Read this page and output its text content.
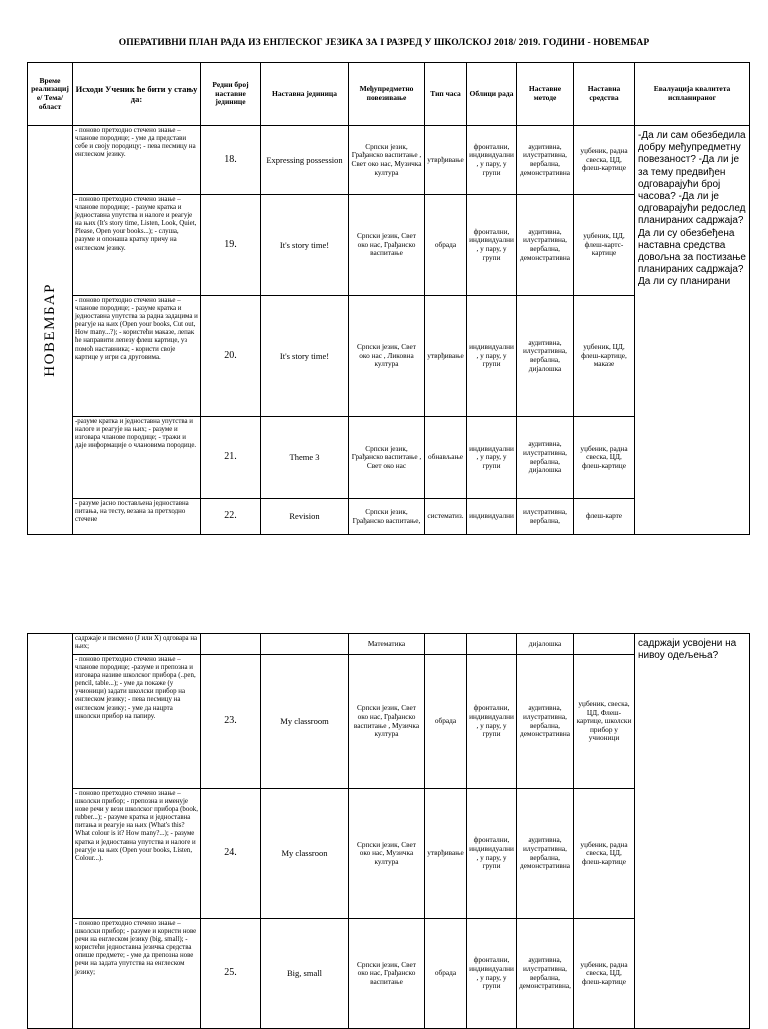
ОПЕРАТИВНИ ПЛАН РАДА ИЗ ЕНГЛЕСКОГ ЈЕЗИКА ЗА I РАЗРЕД У ШКОЛСКОЈ 2018/ 2019. ГОДИНИ - НОВЕМБАР
Време реализације/ Тема/ област	Исходи Ученик ће бити у стању да:	Редни број наставне јединице	Наставна јединица	Међупредметно повезивање	Тип часа	Облици рада	Наставне методе	Наставна средства	Евалуација квалитета испланираног

НОВЕМБАР	- поново претходно стечено знање – чланове породице; - уме да представи себе и своју породицу; - пева песмицу на енглеском језику.	18.	Expressing possession	Српски језик, Грађанско васпитање , Свет око нас, Музичка култура	утврђивање	фронтални, индивидуални, у пару, у групи	аудитивна, илустративна, вербална, демонстративна	уџбеник, радна свеска, ЦД, флеш-картице	-Да ли сам обезбедила добру међупредметну повезаност? -Да ли је за тему предвиђен одговарајући број часова? -Да ли је одговарајући редослед планираних садржаја? Да ли су обезбеђена наставна средства довољна за постизање планираних садржаја? Да ли су планирани

	- поново претходно стечено знање – чланове породице; - разуме кратка и једноставна упутства и налоге и реагује на њих (It's story time, Listen, Look, Quiet, Please, Open your books...); - слуша, разуме и опонаша кратку причу на енглеском језику.	19.	It's story time!	Српски језик, Свет око нас, Грађанско васпитање	обрада	фронтални, индивидуални, у пару, у групи	аудитивна, илустративна, вербална, демонстративна	уџбеник, ЦД, флеш-картс-картице	
	- поново претходно стечено знање – чланове породице; - разуме кратка и једноставна упутства за радна задацима и реагује на њих (Open your books, Cut out, How many...?); - користећи маказе, лепак ће направити лепезу флеш картице, уз помоћ наставника; - користи своје картице у игри са друговима.	20.	It's story time!	Српски језик, Свет око нас , Ликовна култура	утврђивање	индивидуални, у пару, у групи	аудитивна, илустративна, вербална, дијалошка	уџбеник, ЦД, флеш-картице, маказе	
	-разуме кратка и једноставна упутства и налоге и реагује на њих; - разуме и изговара чланове породице; - тражи и даје информације о члановима породице.	21.	Theme 3	Српски језик, Грађанско васпитање , Свет око нас	обнављање	индивидуални, у пару, у групи	аудитивна, илустративна, вербална, дијалошка	уџбеник, радна свеска, ЦД, флеш-картице	
	- разуме јасно постављена једноставна питања, на тесту, везана за претходно стечене	22.	Revision	Српски језик, Грађанско васпитање,	систематиз.	индивидуални	илустративна, вербална,	флеш-карте	
	садржаје и писмено (Ј или Х) одговара на њих;			Математика			дијалошка		садржаји усвојени на нивоу одељења?

	- поново претходно стечено знање – чланове породице; -разуме и препозна и изговара називе школског прибора (..pen, pencil, table...); - уме да покаже (у учионици) задати школски прибор на енглеском језику; - пева песмицу на енглеском језику; - уме да нацрта школски прибор на папиру.	23.	My classroom	Српски језик, Свет око нас, Грађанско васпитање , Музичка култура	обрада	фронтални, индивидуални, у пару, у групи	аудитивна, илустративна, вербална, демонстративна	уџбеник, свеска, ЦД, Флеш-картице, школски прибор у учионици	
	- поново претходно стечено знање – школски прибор; - препозна и именује нове речи у вези школског прибора (book, rubber...); - разуме кратка и једноставна питања и реагује на њих (What's this? What colour is it? How many?...); - разуме кратка и једноставна упутства и налоге и реагује на њих (Open your books, Listen, Colour...).	24.	My classroon	Српски језик, Свет око нас, Музичка култура	утврђивање	фронтални, индивидуални, у пару, у групи	аудитивна, илустративна, вербална, демонстративна	уџбеник, радна свеска, ЦД, флеш-картице	
	- поново претходно стечено знање – школски прибор; - разуме и користи нове речи на енглеском језику (big, small); - користећи једноставна језичка средства опише предмете; - уме да препозна нове речи на задата упутства на енглеском језику;	25.	Big, small	Српски језик, Свет око нас, Грађанско васпитање	обрада	фронтални, индивидуални, у пару, у групи	аудитивна, илустративна, вербална, демонстративна,	уџбеник, радна свеска, ЦД, флеш-картице	
